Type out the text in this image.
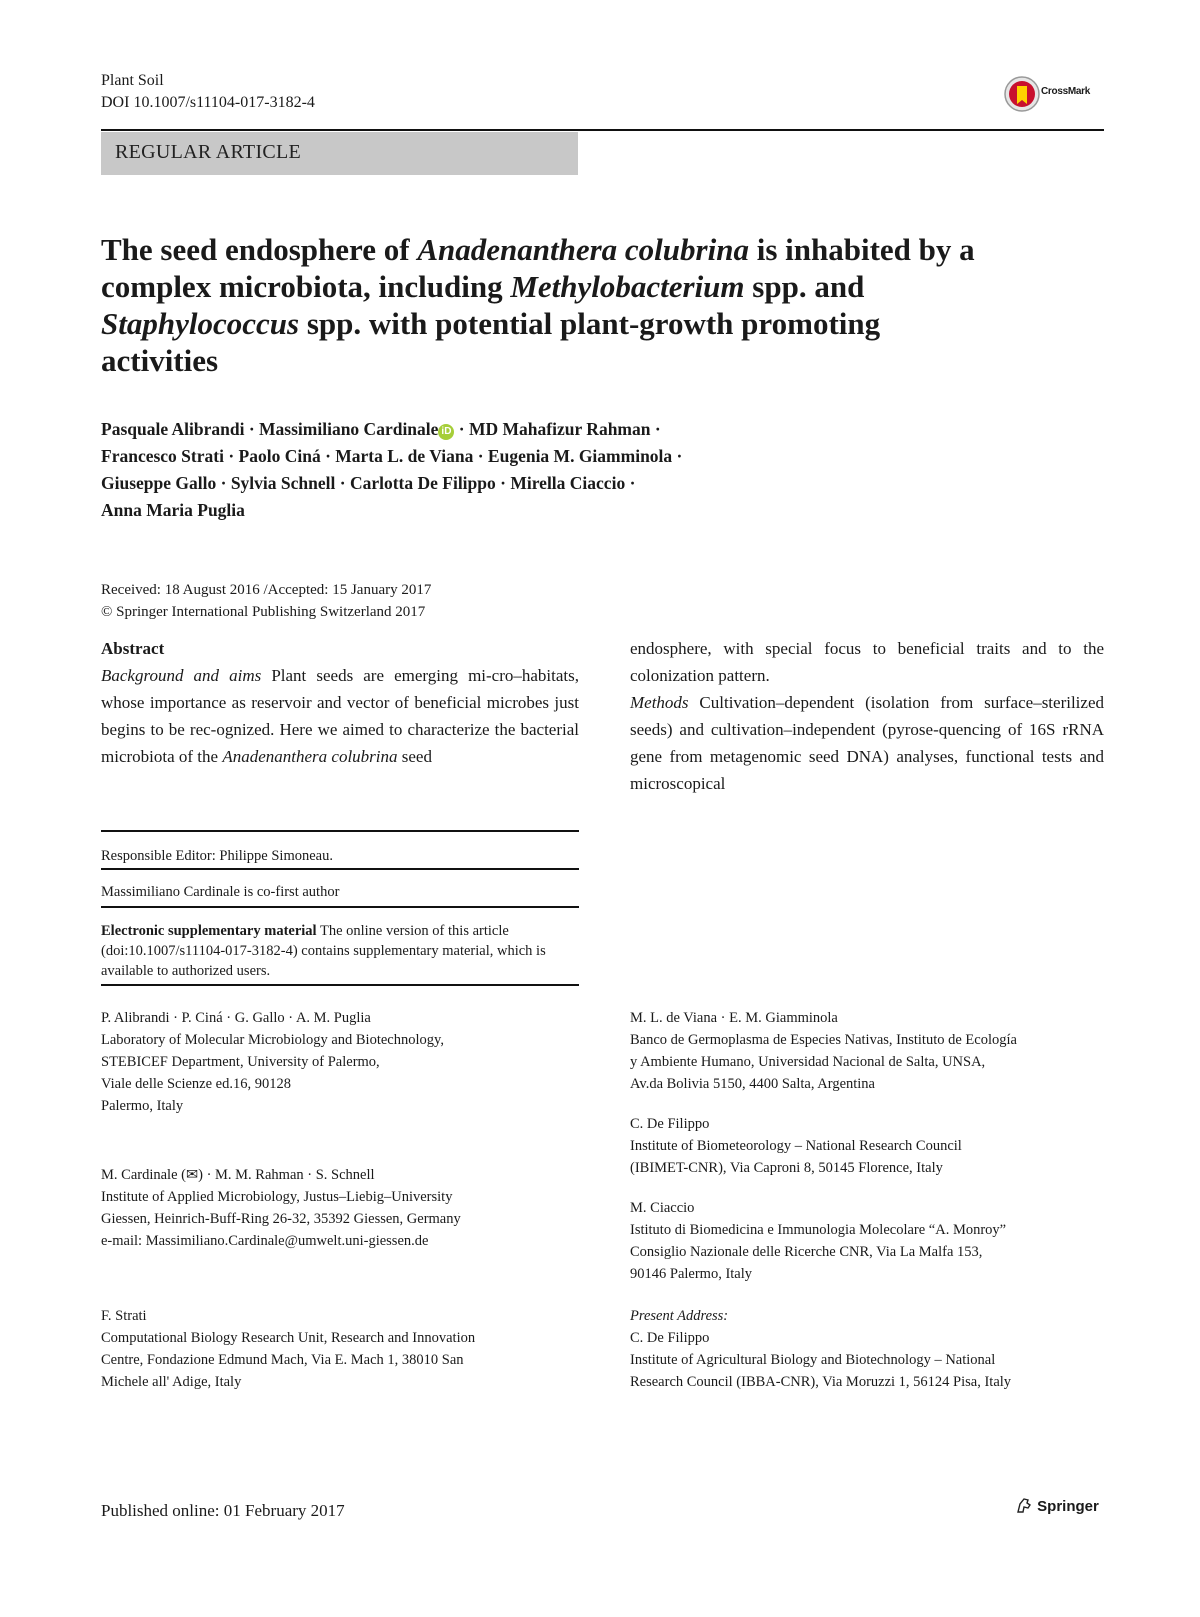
Plant Soil
DOI 10.1007/s11104-017-3182-4
CrossMark
REGULAR ARTICLE
The seed endosphere of Anadenanthera colubrina is inhabited by a complex microbiota, including Methylobacterium spp. and Staphylococcus spp. with potential plant-growth promoting activities
Pasquale Alibrandi · Massimiliano Cardinale iD · MD Mahafizur Rahman ·
Francesco Strati · Paolo Ciná · Marta L. de Viana · Eugenia M. Giamminola ·
Giuseppe Gallo · Sylvia Schnell · Carlotta De Filippo · Mirella Ciaccio ·
Anna Maria Puglia
Received: 18 August 2016 /Accepted: 15 January 2017
© Springer International Publishing Switzerland 2017
Abstract
Background and aims Plant seeds are emerging mi-cro–habitats, whose importance as reservoir and vector of beneficial microbes just begins to be rec-ognized. Here we aimed to characterize the bacterial microbiota of the Anadenanthera colubrina seed
endosphere, with special focus to beneficial traits and to the colonization pattern.
Methods Cultivation–dependent (isolation from surface–sterilized seeds) and cultivation–independent (pyrose-quencing of 16S rRNA gene from metagenomic seed DNA) analyses, functional tests and microscopical
Responsible Editor: Philippe Simoneau.
Massimiliano Cardinale is co-first author
Electronic supplementary material The online version of this article (doi:10.1007/s11104-017-3182-4) contains supplementary material, which is available to authorized users.
P. Alibrandi · P. Ciná · G. Gallo · A. M. Puglia
Laboratory of Molecular Microbiology and Biotechnology,
STEBICEF Department, University of Palermo,
Viale delle Scienze ed.16, 90128
Palermo, Italy
M. Cardinale (✉) · M. M. Rahman · S. Schnell
Institute of Applied Microbiology, Justus–Liebig–University
Giessen, Heinrich-Buff-Ring 26-32, 35392 Giessen, Germany
e-mail: Massimiliano.Cardinale@umwelt.uni-giessen.de
F. Strati
Computational Biology Research Unit, Research and Innovation
Centre, Fondazione Edmund Mach, Via E. Mach 1, 38010 San
Michele all' Adige, Italy
M. L. de Viana · E. M. Giamminola
Banco de Germoplasma de Especies Nativas, Instituto de Ecología
y Ambiente Humano, Universidad Nacional de Salta, UNSA,
Av.da Bolivia 5150, 4400 Salta, Argentina
C. De Filippo
Institute of Biometeorology – National Research Council
(IBIMET-CNR), Via Caproni 8, 50145 Florence, Italy
M. Ciaccio
Istituto di Biomedicina e Immunologia Molecolare “A. Monroy”
Consiglio Nazionale delle Ricerche CNR, Via La Malfa 153,
90146 Palermo, Italy
Present Address:
C. De Filippo
Institute of Agricultural Biology and Biotechnology – National
Research Council (IBBA-CNR), Via Moruzzi 1, 56124 Pisa, Italy
Published online: 01 February 2017	Springer
